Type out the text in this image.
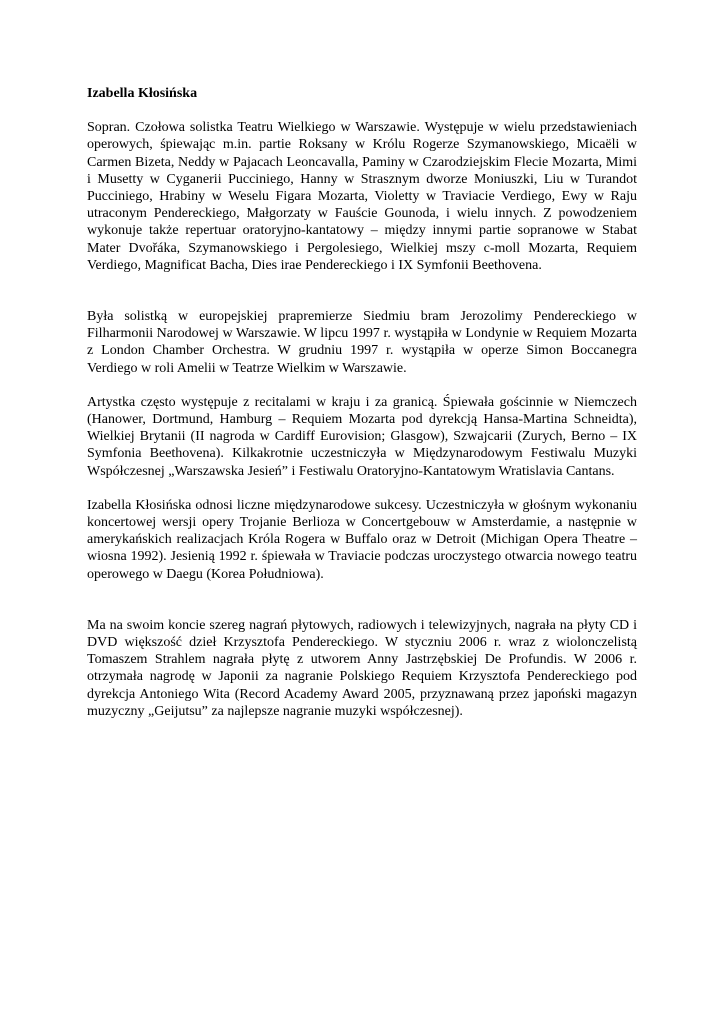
Izabella Kłosińska

Sopran. Czołowa solistka Teatru Wielkiego w Warszawie. Występuje w wielu przedstawieniach operowych, śpiewając m.in. partie Roksany w Królu Rogerze Szymanowskiego, Micaëli w Carmen Bizeta, Neddy w Pajacach Leoncavalla, Paminy w Czarodziejskim Flecie Mozarta, Mimi i Musetty w Cyganerii Pucciniego, Hanny w Strasznym dworze Moniuszki, Liu w Turandot Pucciniego, Hrabiny w Weselu Figara Mozarta, Violetty w Traviacie Verdiego, Ewy w Raju utraconym Pendereckiego, Małgorzaty w Fauście Gounoda, i wielu innych. Z powodzeniem wykonuje także repertuar oratoryjno-kantatowy – między innymi partie sopranowe w Stabat Mater Dvořáka, Szymanowskiego i Pergolesiego, Wielkiej mszy c-moll Mozarta, Requiem Verdiego, Magnificat Bacha, Dies irae Pendereckiego i IX Symfonii Beethovena.

Była solistką w europejskiej prapremierze Siedmiu bram Jerozolimy Pendereckiego w Filharmonii Narodowej w Warszawie. W lipcu 1997 r. wystąpiła w Londynie w Requiem Mozarta z London Chamber Orchestra. W grudniu 1997 r. wystąpiła w operze Simon Boccanegra Verdiego w roli Amelii w Teatrze Wielkim w Warszawie.

Artystka często występuje z recitalami w kraju i za granicą. Śpiewała gościnnie w Niemczech (Hanower, Dortmund, Hamburg – Requiem Mozarta pod dyrekcją Hansa-Martina Schneidta), Wielkiej Brytanii (II nagroda w Cardiff Eurovision; Glasgow), Szwajcarii (Zurych, Berno – IX Symfonia Beethovena). Kilkakrotnie uczestniczyła w Międzynarodowym Festiwalu Muzyki Współczesnej „Warszawska Jesień” i Festiwalu Oratoryjno-Kantatowym Wratislavia Cantans.

Izabella Kłosińska odnosi liczne międzynarodowe sukcesy. Uczestniczyła w głośnym wykonaniu koncertowej wersji opery Trojanie Berlioza w Concertgebouw w Amsterdamie, a następnie w amerykańskich realizacjach Króla Rogera w Buffalo oraz w Detroit (Michigan Opera Theatre – wiosna 1992). Jesienią 1992 r. śpiewała w Traviacie podczas uroczystego otwarcia nowego teatru operowego w Daegu (Korea Południowa).

Ma na swoim koncie szereg nagrań płytowych, radiowych i telewizyjnych, nagrała na płyty CD i DVD większość dzieł Krzysztofa Pendereckiego. W styczniu 2006 r. wraz z wiolonczelistą Tomaszem Strahlem nagrała płytę z utworem Anny Jastrzębskiej De Profundis. W 2006 r. otrzymała nagrodę w Japonii za nagranie Polskiego Requiem Krzysztofa Pendereckiego pod dyrekcja Antoniego Wita (Record Academy Award 2005, przyznawaną przez japoński magazyn muzyczny „Geijutsu” za najlepsze nagranie muzyki współczesnej).
